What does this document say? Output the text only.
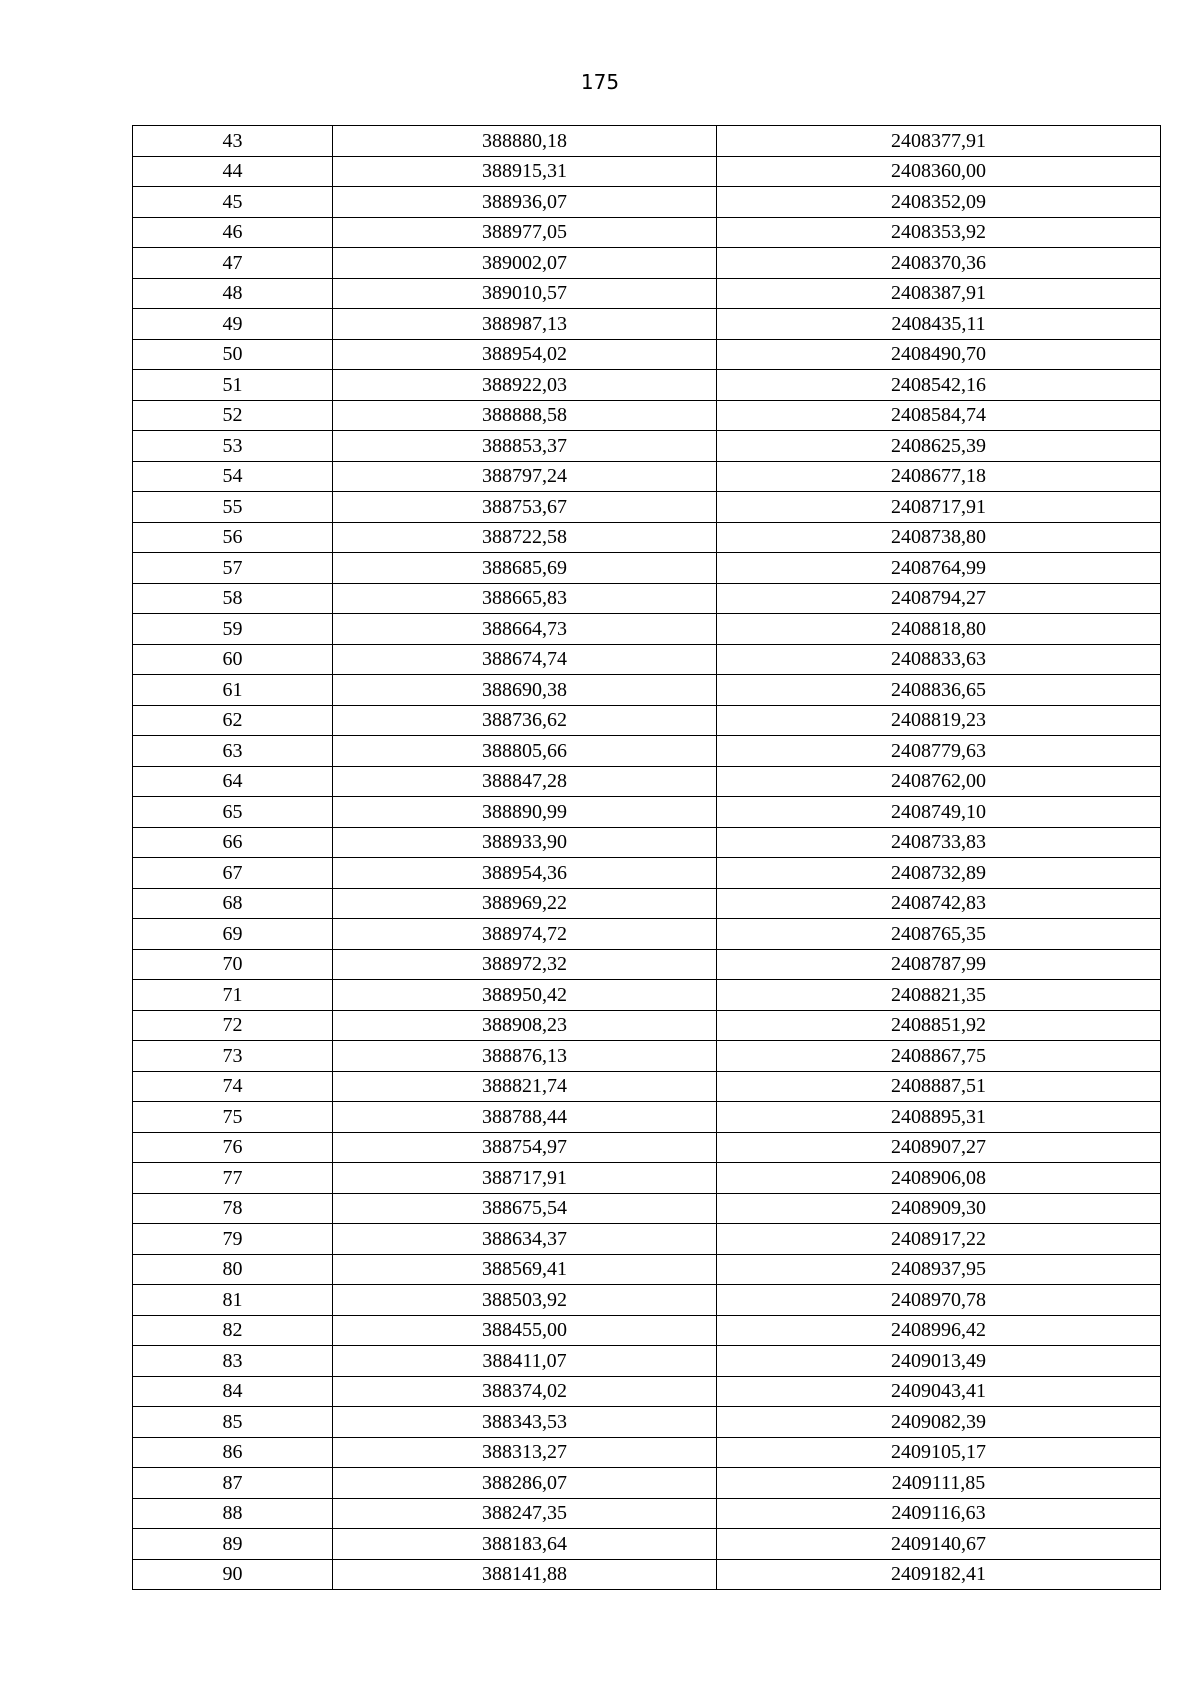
175
43	388880,18	2408377,91
44	388915,31	2408360,00
45	388936,07	2408352,09
46	388977,05	2408353,92
47	389002,07	2408370,36
48	389010,57	2408387,91
49	388987,13	2408435,11
50	388954,02	2408490,70
51	388922,03	2408542,16
52	388888,58	2408584,74
53	388853,37	2408625,39
54	388797,24	2408677,18
55	388753,67	2408717,91
56	388722,58	2408738,80
57	388685,69	2408764,99
58	388665,83	2408794,27
59	388664,73	2408818,80
60	388674,74	2408833,63
61	388690,38	2408836,65
62	388736,62	2408819,23
63	388805,66	2408779,63
64	388847,28	2408762,00
65	388890,99	2408749,10
66	388933,90	2408733,83
67	388954,36	2408732,89
68	388969,22	2408742,83
69	388974,72	2408765,35
70	388972,32	2408787,99
71	388950,42	2408821,35
72	388908,23	2408851,92
73	388876,13	2408867,75
74	388821,74	2408887,51
75	388788,44	2408895,31
76	388754,97	2408907,27
77	388717,91	2408906,08
78	388675,54	2408909,30
79	388634,37	2408917,22
80	388569,41	2408937,95
81	388503,92	2408970,78
82	388455,00	2408996,42
83	388411,07	2409013,49
84	388374,02	2409043,41
85	388343,53	2409082,39
86	388313,27	2409105,17
87	388286,07	2409111,85
88	388247,35	2409116,63
89	388183,64	2409140,67
90	388141,88	2409182,41
